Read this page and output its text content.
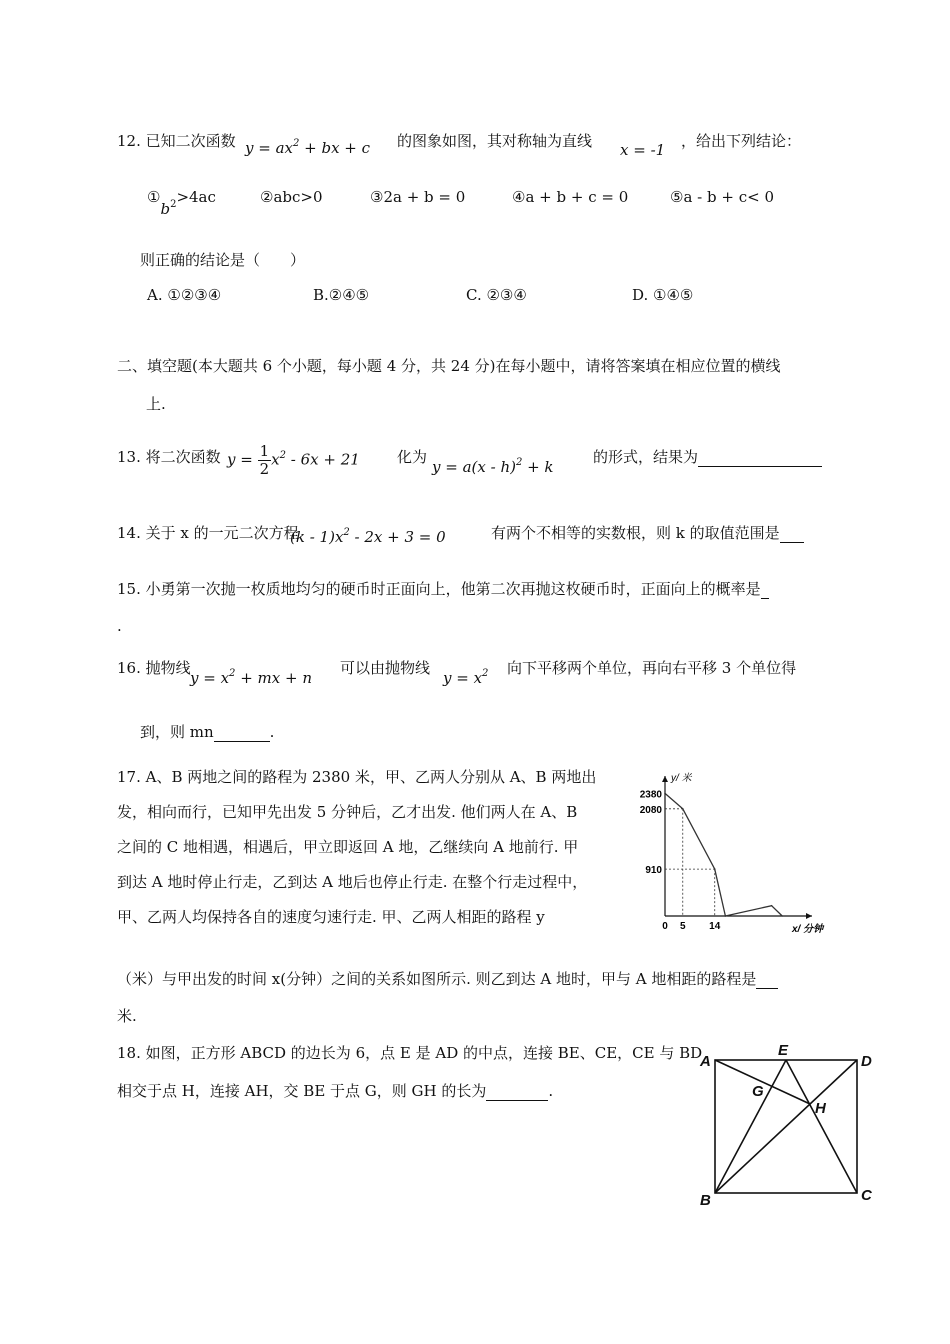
12. 已知二次函数 $y = ax^2$ + bx + c 的图象如图，其对称轴为直线 x = -1 ，给出下列结论：
$①b_2>4ac$	②abc>0	③2a + b = 0	④a + b + c = 0	⑤a - b + c< 0
则正确的结论是（　　）
A. ①②③④	B.②④⑤	C. ②③④	D. ①④⑤
二、填空题(本大题共 6 个小题，每小题 4 分，共 24 分)在每小题中，请将答案填在相应位置的横线
上.
13. 将二次函数 $y = \frac{1}{2} x^2 - 6x + 21$ 化为
y = a(x - h)$^2$ + k
的形式，结果为
14. 关于 x 的一元二次方程
$(k - 1)x^2 - 2x + 3 = 0$	有两个不相等的实数根，则 k 的取值范围是
15. 小勇第一次抛一枚质地均匀的硬币时正面向上，他第二次再抛这枚硬币时，正面向上的概率是
.
16. 抛物线
$y = x^2$ + mx + n
可以由抛物线
$y = x^2$ 向下平移两个单位，再向右平移 3 个单位得
到，则 mn	.
17. A、B 两地之间的路程为 2380 米，甲、乙两人分别从 A、B 两地出
发，相向而行，已知甲先出发 5 分钟后，乙才出发. 他们两人在 A、B
之间的 C 地相遇，相遇后，甲立即返回 A 地，乙继续向 A 地前行. 甲
到达 A 地时停止行走，乙到达 A 地后也停止行走. 在整个行走过程中，
甲、乙两人均保持各自的速度匀速行走. 甲、乙两人相距的路程 y
（米）与甲出发的时间 x(分钟）之间的关系如图所示. 则乙到达 A 地时，甲与 A 地相距的路程是
米.
y/ 米
x/ 分钟
2380
2080
910
0 5 14
18. 如图，正方形 ABCD 的边长为 6，点 E 是 AD 的中点，连接 BE、CE，CE 与 BD
相交于点 H，连接 AH，交 BE 于点 G，则 GH 的长为	.
A
E
D
G
H
B	C
